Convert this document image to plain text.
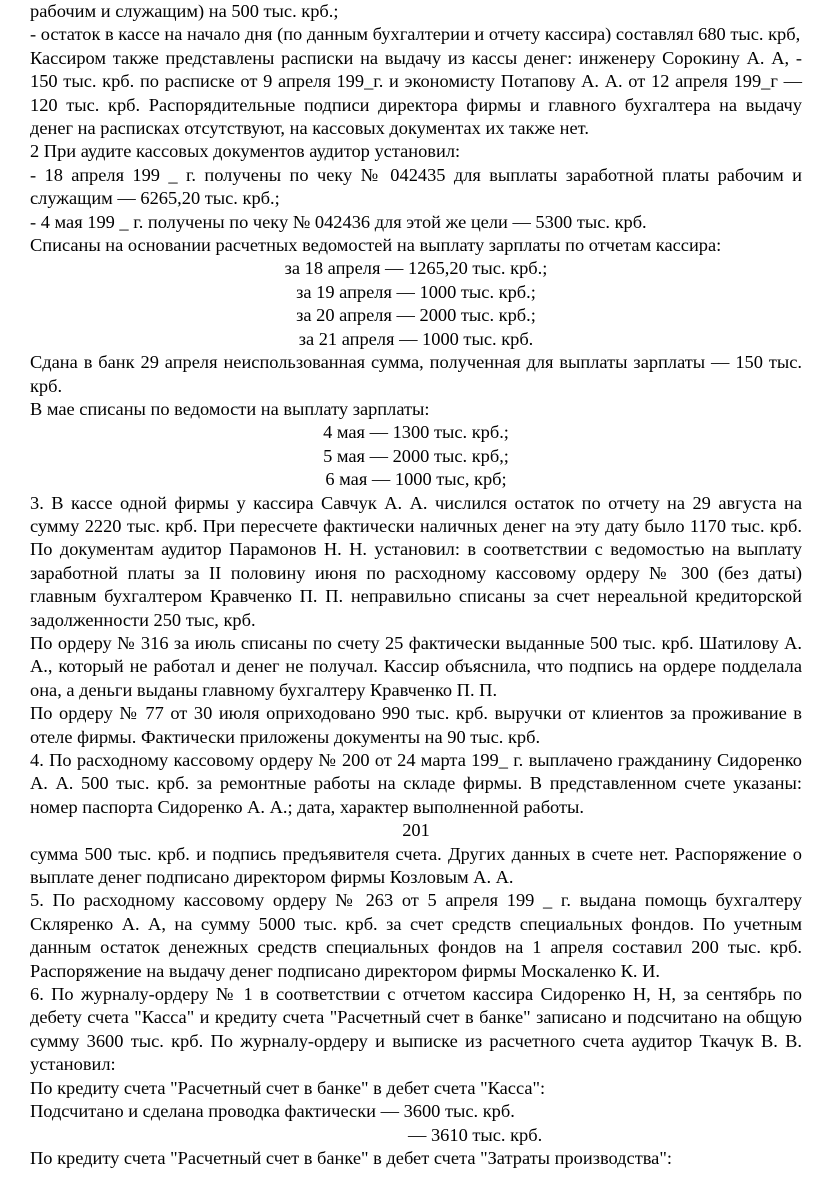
рабочим и служащим) на 500 тыс. крб.;

- остаток в кассе на начало дня (по данным бухгалтерии и отчету кассира) составлял 680 тыс. крб,

Кассиром также представлены расписки на выдачу из кассы денег: инженеру Сорокину А. А, - 150 тыс. крб. по расписке от 9 апреля 199_г. и экономисту Потапову А. А. от 12 апреля 199_г — 120 тыс. крб. Распорядительные подписи директора фирмы и главного бухгалтера на выдачу денег на расписках отсутствуют, на кассовых документах их также нет.

2 При аудите кассовых документов аудитор установил:

- 18 апреля 199 _ г. получены по чеку № 042435 для выплаты заработной платы рабочим и служащим — 6265,20 тыс. крб.;

- 4 мая 199 _ г. получены по чеку № 042436 для этой же цели — 5300 тыс. крб.

Списаны на основании расчетных ведомостей на выплату зарплаты по отчетам кассира:

за 18 апреля — 1265,20 тыс. крб.;

за 19 апреля — 1000 тыс. крб.;

за 20 апреля — 2000 тыс. крб.;

за 21 апреля — 1000 тыс. крб.

Сдана в банк 29 апреля неиспользованная сумма, полученная для выплаты зарплаты — 150 тыс. крб.

В мае списаны по ведомости на выплату зарплаты:

4 мая — 1300 тыс. крб.;

5 мая — 2000 тыс. крб,;

6 мая — 1000 тыс, крб;

3. В кассе одной фирмы у кассира Савчук А. А. числился остаток по отчету на 29 августа на сумму 2220 тыс. крб. При пересчете фактически наличных денег на эту дату было 1170 тыс. крб. По документам аудитор Парамонов Н. Н. установил: в соответствии с ведомостью на выплату заработной платы за II половину июня по расходному кассовому ордеру № 300 (без даты) главным бухгалтером Кравченко П. П. неправильно списаны за счет нереальной кредиторской задолженности 250 тыс, крб.

По ордеру № 316 за июль списаны по счету 25 фактически выданные 500 тыс. крб. Шатилову А. А., который не работал и денег не получал. Кассир объяснила, что подпись на ордере подделала она, а деньги выданы главному бухгалтеру Кравченко П. П.

По ордеру № 77 от 30 июля оприходовано 990 тыс. крб. выручки от клиентов за проживание в отеле фирмы. Фактически приложены документы на 90 тыс. крб.

4. По расходному кассовому ордеру № 200 от 24 марта 199_ г. выплачено гражданину Сидоренко А. А. 500 тыс. крб. за ремонтные работы на складе фирмы. В представленном счете указаны: номер паспорта Сидоренко А. А.; дата, характер выполненной работы.

201

сумма 500 тыс. крб. и подпись предъявителя счета. Других данных в счете нет. Распоряжение о выплате денег подписано директором фирмы Козловым А. А.

5. По расходному кассовому ордеру № 263 от 5 апреля 199 _ г. выдана помощь бухгалтеру Скляренко А. А, на сумму 5000 тыс. крб. за счет средств специальных фондов. По учетным данным остаток денежных средств специальных фондов на 1 апреля составил 200 тыс. крб. Распоряжение на выдачу денег подписано директором фирмы Москаленко К. И.

6. По журналу-ордеру № 1 в соответствии с отчетом кассира Сидоренко Н, Н, за сентябрь по дебету счета "Касса" и кредиту счета "Расчетный счет в банке" записано и подсчитано на общую сумму 3600 тыс. крб. По журналу-ордеру и выписке из расчетного счета аудитор Ткачук В. В. установил:

По кредиту счета "Расчетный счет в банке" в дебет счета "Касса":

Подсчитано и сделана проводка фактически — 3600 тыс. крб.

— 3610 тыс. крб.

По кредиту счета "Расчетный счет в банке" в дебет счета "Затраты производства":
